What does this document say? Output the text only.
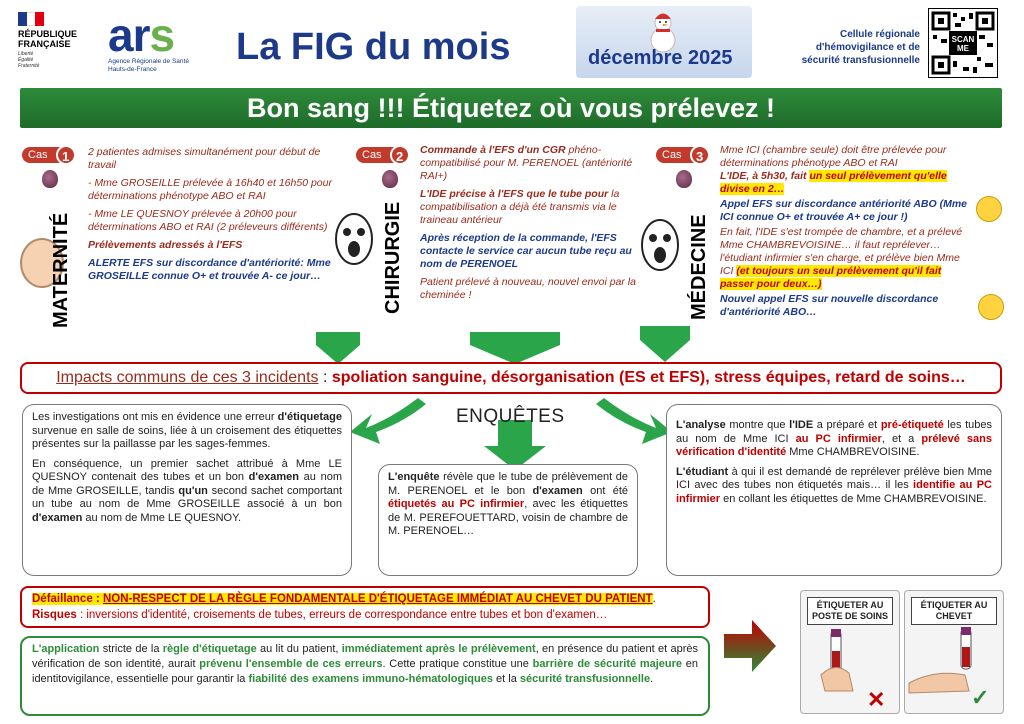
RÉPUBLIQUE
FRANÇAISE
Liberté
Égalité
Fraternité
ars
Agence Régionale de Santé
Hauts-de-France
La FIG du mois	décembre 2025
Cellule régionale d'hémovigilance et de sécurité transfusionnelle
SCAN ME
Bon sang !!! Étiquetez où vous prélevez !
Cas	1
MATERNITÉ

2 patientes admises simultanément pour début de travail

- Mme GROSEILLE prélevée à 16h40 et 16h50 pour déterminations phénotype ABO et RAI

- Mme LE QUESNOY prélevée à 20h00 pour déterminations ABO et RAI (2 préleveurs différents)

Prélèvements adressés à l'EFS

ALERTE EFS sur discordance d'antériorité: Mme GROSEILLE connue O+ et trouvée A- ce jour…

Cas	2
CHIRURGIE

Commande à l'EFS d'un CGR phéno-compatibilisé pour M. PERENOEL (antériorité RAI+)

L'IDE précise à l'EFS que le tube pour la compatibilisation a déjà été transmis via le traineau antérieur

Après réception de la commande, l'EFS contacte le service car aucun tube reçu au nom de PERENOEL

Patient prélevé à nouveau, nouvel envoi par la cheminée !

Cas	3
MÉDECINE

Mme ICI (chambre seule) doit être prélevée pour déterminations phénotype ABO et RAI

L'IDE, à 5h30, fait un seul prélèvement qu'elle divise en 2…

Appel EFS sur discordance antériorité ABO (Mme ICI connue O+ et trouvée A+ ce jour !)

En fait, l'IDE s'est trompée de chambre, et a prélevé Mme CHAMBREVOISINE… il faut reprélever… l'étudiant infirmier s'en charge, et prélève bien Mme ICI (et toujours un seul prélèvement qu'il fait passer pour deux…)

Nouvel appel EFS sur nouvelle discordance d'antériorité ABO…

Impacts communs de ces 3 incidents : spoliation sanguine, désorganisation (ES et EFS), stress équipes, retard de soins…
ENQUÊTES

Les investigations ont mis en évidence une erreur d'étiquetage survenue en salle de soins, liée à un croisement des étiquettes présentes sur la paillasse par les sages-femmes.

En conséquence, un premier sachet attribué à Mme LE QUESNOY contenait des tubes et un bon d'examen au nom de Mme GROSEILLE, tandis qu'un second sachet comportant un tube au nom de Mme GROSEILLE associé à un bon d'examen au nom de Mme LE QUESNOY.

L'enquête révèle que le tube de prélèvement de M. PERENOEL et le bon d'examen ont été étiquetés au PC infirmier, avec les étiquettes de M. PEREFOUETTARD, voisin de chambre de M. PERENOEL…

L'analyse montre que l'IDE a préparé et pré-étiqueté les tubes au nom de Mme ICI au PC infirmier, et a prélevé sans vérification d'identité Mme CHAMBREVOISINE.

L'étudiant à qui il est demandé de reprélever prélève bien Mme ICI avec des tubes non étiquetés mais… il les identifie au PC infirmier en collant les étiquettes de Mme CHAMBREVOISINE.

Défaillance : NON-RESPECT DE LA RÈGLE FONDAMENTALE D'ÉTIQUETAGE IMMÉDIAT AU CHEVET DU PATIENT.
Risques : inversions d'identité, croisements de tubes, erreurs de correspondance entre tubes et bon d'examen…
L'application stricte de la règle d'étiquetage au lit du patient, immédiatement après le prélèvement, en présence du patient et après vérification de son identité, aurait prévenu l'ensemble de ces erreurs. Cette pratique constitue une barrière de sécurité majeure en identitovigilance, essentielle pour garantir la fiabilité des examens immuno-hématologiques et la sécurité transfusionnelle.
ÉTIQUETER AU POSTE DE SOINS
✕
ÉTIQUETER AU CHEVET
✓
